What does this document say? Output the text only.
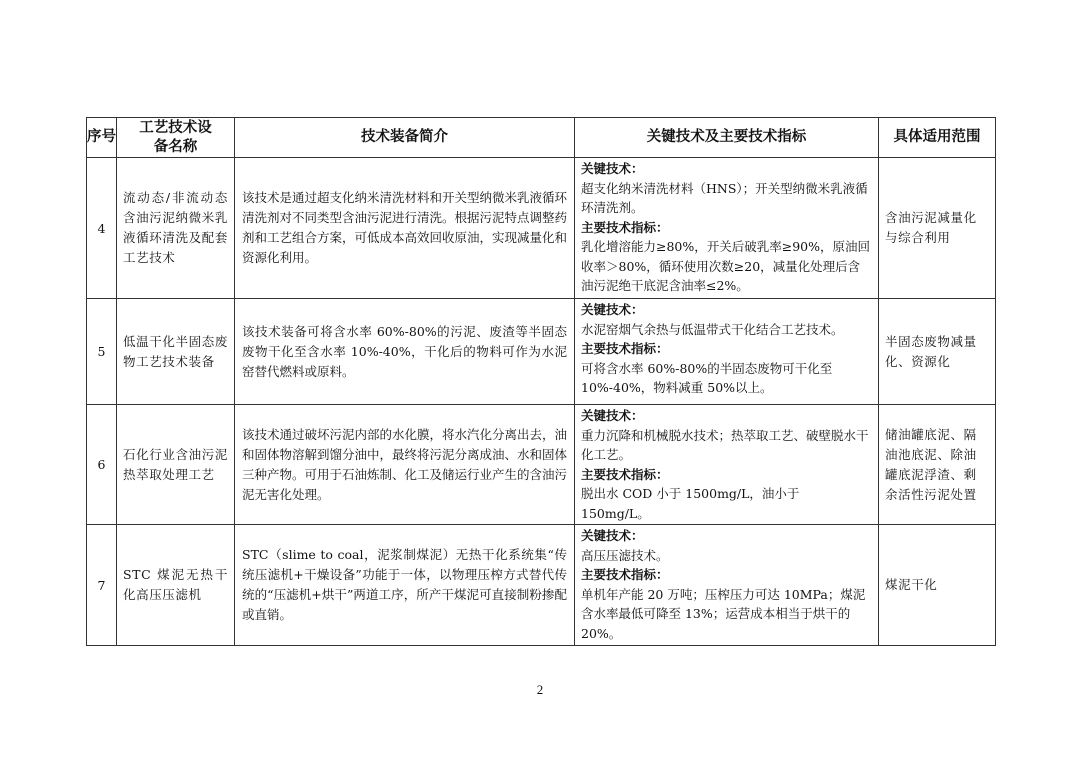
序号	工艺技术设备名称	技术装备简介	关键技术及主要技术指标	具体适用范围
4	流动态/非流动态含油污泥纳微米乳液循环清洗及配套工艺技术	该技术是通过超支化纳米清洗材料和开关型纳微米乳液循环清洗剂对不同类型含油污泥进行清洗。根据污泥特点调整药剂和工艺组合方案，可低成本高效回收原油，实现减量化和资源化利用。	关键技术：
超支化纳米清洗材料（HNS）；开关型纳微米乳液循环清洗剂。
主要技术指标：
乳化增溶能力≥80%，开关后破乳率≥90%，原油回收率＞80%，循环使用次数≥20，减量化处理后含油污泥绝干底泥含油率≤2%。	含油污泥减量化与综合利用
5	低温干化半固态废物工艺技术装备	该技术装备可将含水率 60%-80%的污泥、废渣等半固态废物干化至含水率 10%-40%，干化后的物料可作为水泥窑替代燃料或原料。	关键技术：
水泥窑烟气余热与低温带式干化结合工艺技术。
主要技术指标：
可将含水率 60%-80%的半固态废物可干化至 10%-40%，物料减重 50%以上。	半固态废物减量化、资源化
6	石化行业含油污泥热萃取处理工艺	该技术通过破坏污泥内部的水化膜，将水汽化分离出去，油和固体物溶解到馏分油中，最终将污泥分离成油、水和固体三种产物。可用于石油炼制、化工及储运行业产生的含油污泥无害化处理。	关键技术：
重力沉降和机械脱水技术；热萃取工艺、破壁脱水干化工艺。
主要技术指标：
脱出水 COD 小于 1500mg/L，油小于 150mg/L。	储油罐底泥、隔油池底泥、除油罐底泥浮渣、剩余活性污泥处置
7	STC 煤泥无热干化高压压滤机	STC（slime to coal，泥浆制煤泥）无热干化系统集“传统压滤机+干燥设备”功能于一体，以物理压榨方式替代传统的“压滤机+烘干”两道工序，所产干煤泥可直接制粉掺配或直销。	关键技术：
高压压滤技术。
主要技术指标：
单机年产能 20 万吨；压榨压力可达 10MPa；煤泥含水率最低可降至 13%；运营成本相当于烘干的 20%。	煤泥干化
2
